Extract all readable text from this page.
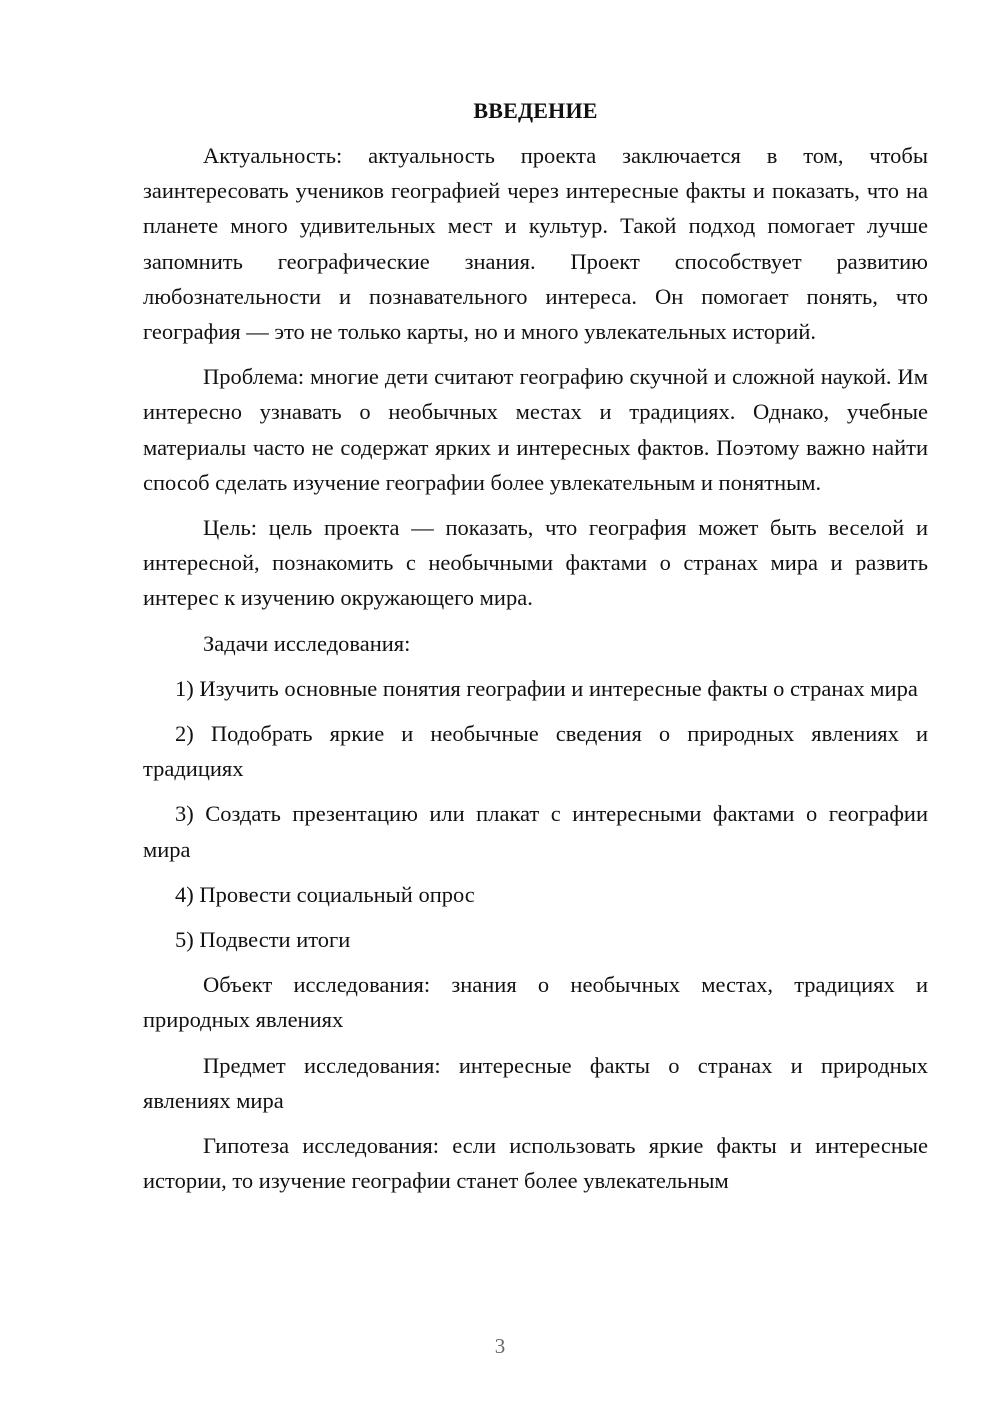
ВВЕДЕНИЕ

Актуальность: актуальность проекта заключается в том, чтобы заинтересовать учеников географией через интересные факты и показать, что на планете много удивительных мест и культур. Такой подход помогает лучше запомнить географические знания. Проект способствует развитию любознательности и познавательного интереса. Он помогает понять, что география — это не только карты, но и много увлекательных историй.

Проблема: многие дети считают географию скучной и сложной наукой. Им интересно узнавать о необычных местах и традициях. Однако, учебные материалы часто не содержат ярких и интересных фактов. Поэтому важно найти способ сделать изучение географии более увлекательным и понятным.

Цель: цель проекта — показать, что география может быть веселой и интересной, познакомить с необычными фактами о странах мира и развить интерес к изучению окружающего мира.

Задачи исследования:

1) Изучить основные понятия географии и интересные факты о странах мира

2) Подобрать яркие и необычные сведения о природных явлениях и традициях

3) Создать презентацию или плакат с интересными фактами о географии мира

4) Провести социальный опрос

5) Подвести итоги

Объект исследования: знания о необычных местах, традициях и природных явлениях

Предмет исследования: интересные факты о странах и природных явлениях мира

Гипотеза исследования: если использовать яркие факты и интересные истории, то изучение географии станет более увлекательным

3
